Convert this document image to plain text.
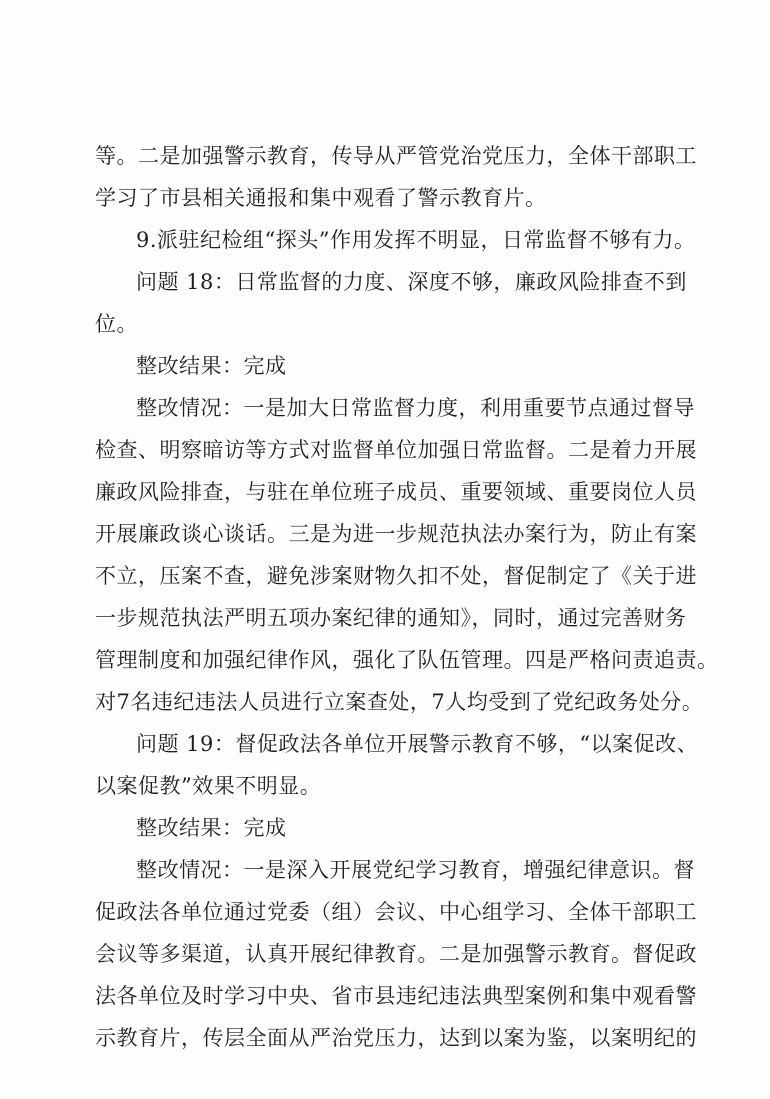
等。二是加强警示教育，传导从严管党治党压力，全体干部职工
学习了市县相关通报和集中观看了警示教育片。
9.派驻纪检组“探头”作用发挥不明显，日常监督不够有力。
问题 18：日常监督的力度、深度不够，廉政风险排查不到
位。
整改结果：完成
整改情况：一是加大日常监督力度，利用重要节点通过督导
检查、明察暗访等方式对监督单位加强日常监督。二是着力开展
廉政风险排查，与驻在单位班子成员、重要领域、重要岗位人员
开展廉政谈心谈话。三是为进一步规范执法办案行为，防止有案
不立，压案不查，避免涉案财物久扣不处，督促制定了《关于进
一步规范执法严明五项办案纪律的通知》，同时，通过完善财务
管理制度和加强纪律作风，强化了队伍管理。四是严格问责追责。
对7名违纪违法人员进行立案查处，7人均受到了党纪政务处分。
问题 19：督促政法各单位开展警示教育不够，“以案促改、
以案促教”效果不明显。
整改结果：完成
整改情况：一是深入开展党纪学习教育，增强纪律意识。督
促政法各单位通过党委（组）会议、中心组学习、全体干部职工
会议等多渠道，认真开展纪律教育。二是加强警示教育。督促政
法各单位及时学习中央、省市县违纪违法典型案例和集中观看警
示教育片，传层全面从严治党压力，达到以案为鉴，以案明纪的
